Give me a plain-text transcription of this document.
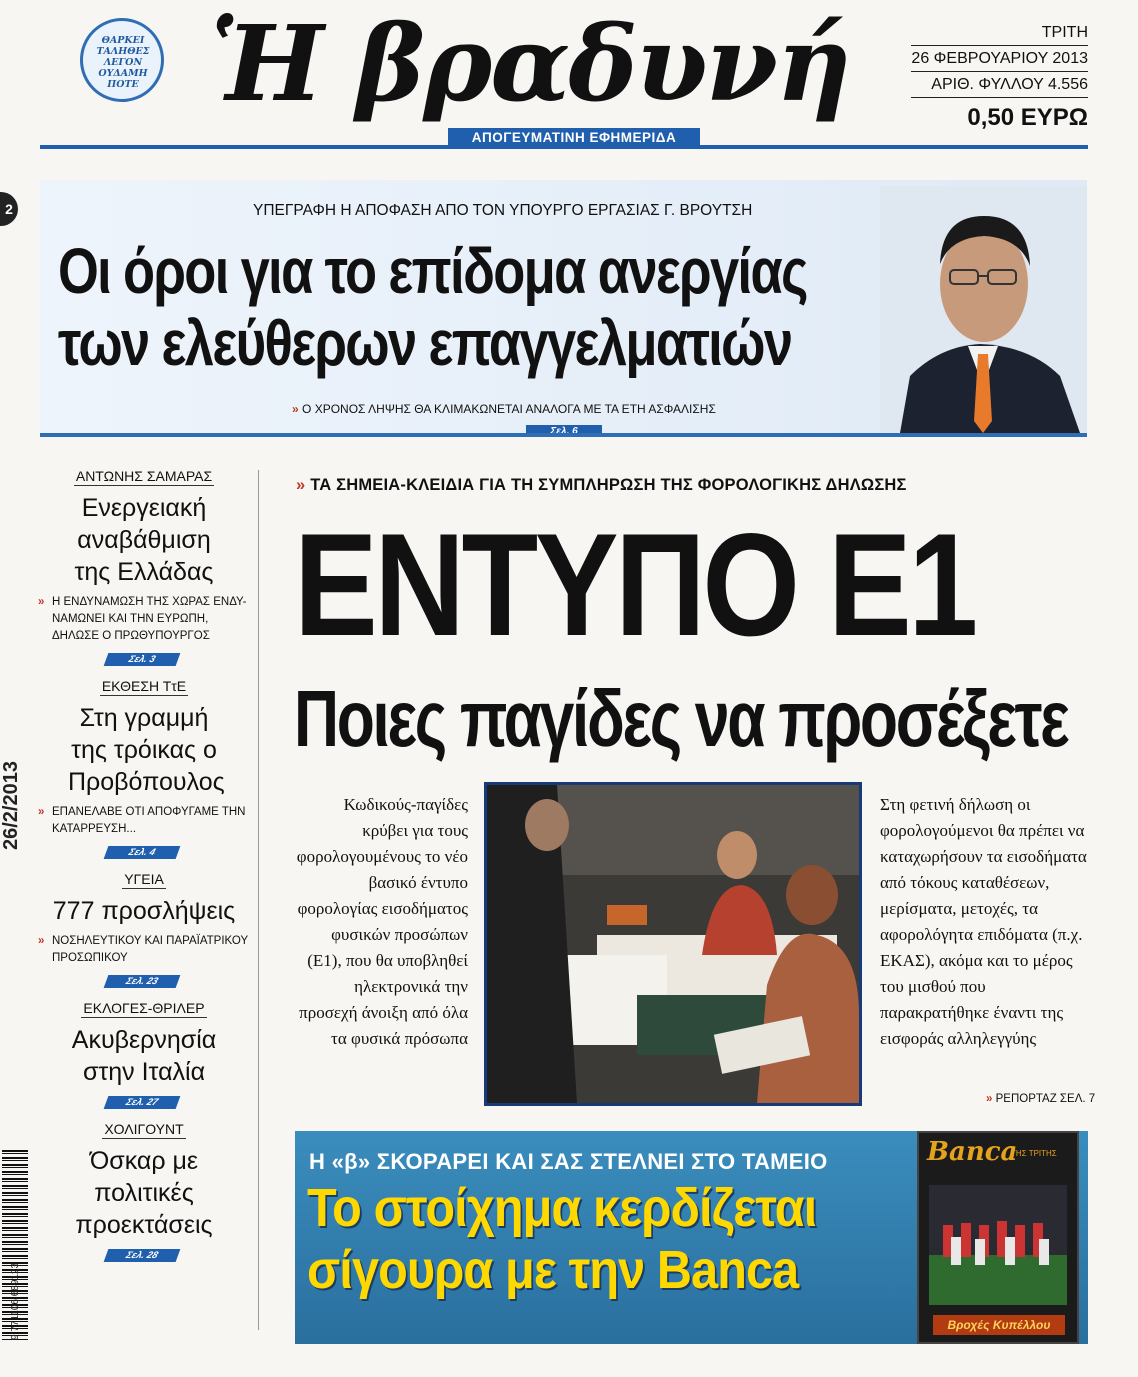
ΘΑΡΚΕΙ ΤΑΛΗΘΕΣ ΛΕΓΟΝ ΟΥΔΑΜΗ ΠΟΤΕ Ἡ βραδυνή
ΑΠΟΓΕΥΜΑΤΙΝΗ ΕΦΗΜΕΡΙΔΑ
ΤΡΙΤΗ
26 ΦΕΒΡΟΥΑΡΙΟΥ 2013
ΑΡΙΘ. ΦΥΛΛΟΥ 4.556
0,50 ΕΥΡΩ
2	ΥΠΕΓΡΑΦΗ Η ΑΠΟΦΑΣΗ ΑΠΟ ΤΟΝ ΥΠΟΥΡΓΟ ΕΡΓΑΣΙΑΣ Γ. ΒΡΟΥΤΣΗ
Οι όροι για το επίδομα ανεργίας
των ελεύθερων επαγγελματιών
» Ο ΧΡΟΝΟΣ ΛΗΨΗΣ ΘΑ ΚΛΙΜΑΚΩΝΕΤΑΙ ΑΝΑΛΟΓΑ ΜΕ ΤΑ ΕΤΗ ΑΣΦΑΛΙΣΗΣ
Σελ. 6
ΑΝΤΩΝΗΣ ΣΑΜΑΡΑΣ
Ενεργειακή αναβάθμιση της Ελλάδας
» Η ΕΝΔΥΝΑΜΩΣΗ ΤΗΣ ΧΩΡΑΣ ΕΝΔΥ-ΝΑΜΩΝΕΙ ΚΑΙ ΤΗΝ ΕΥΡΩΠΗ, ΔΗΛΩΣΕ Ο ΠΡΩΘΥΠΟΥΡΓΟΣ
Σελ. 3
ΕΚΘΕΣΗ ΤτΕ
Στη γραμμή της τρόικας ο Προβόπουλος
» ΕΠΑΝΕΛΑΒΕ ΟΤΙ ΑΠΟΦΥΓΑΜΕ ΤΗΝ ΚΑΤΑΡΡΕΥΣΗ...
Σελ. 4
ΥΓΕΙΑ
777 προσλήψεις
» ΝΟΣΗΛΕΥΤΙΚΟΥ ΚΑΙ ΠΑΡΑΪΑΤΡΙΚΟΥ ΠΡΟΣΩΠΙΚΟΥ
Σελ. 23
ΕΚΛΟΓΕΣ-ΘΡΙΛΕΡ
Ακυβερνησία στην Ιταλία
Σελ. 27
ΧΟΛΙΓΟΥΝΤ
Όσκαρ με πολιτικές προεκτάσεις
Σελ. 28
» ΤΑ ΣΗΜΕΙΑ-ΚΛΕΙΔΙΑ ΓΙΑ ΤΗ ΣΥΜΠΛΗΡΩΣΗ ΤΗΣ ΦΟΡΟΛΟΓΙΚΗΣ ΔΗΛΩΣΗΣ
ΕΝΤΥΠΟ Ε1
Ποιες παγίδες να προσέξετε
Κωδικούς-παγίδες κρύβει για τους φορολογουμένους το νέο βασικό έντυπο φορολογίας εισοδήματος φυσικών προσώπων (Ε1), που θα υποβληθεί ηλεκτρονικά την προσεχή άνοιξη από όλα τα φυσικά πρόσωπα
Στη φετινή δήλωση οι φορολογούμενοι θα πρέπει να καταχωρήσουν τα εισοδήματα από τόκους καταθέσεων, μερίσματα, μετοχές, τα αφορολόγητα επιδόματα (π.χ. ΕΚΑΣ), ακόμα και το μέρος του μισθού που παρακρατήθηκε έναντι της εισφοράς αλληλεγγύης
» ΡΕΠΟΡΤΑΖ ΣΕΛ. 7
Η «β» ΣΚΟΡΑΡΕΙ ΚΑΙ ΣΑΣ ΣΤΕΛΝΕΙ ΣΤΟ ΤΑΜΕΙΟ
Το στοίχημα κερδίζεται
σίγουρα με την Banca
Banca
ΤΗΣ ΤΡΙΤΗΣ
Βροχές Κυπέλλου
26/2/2013
9 771106 689123
